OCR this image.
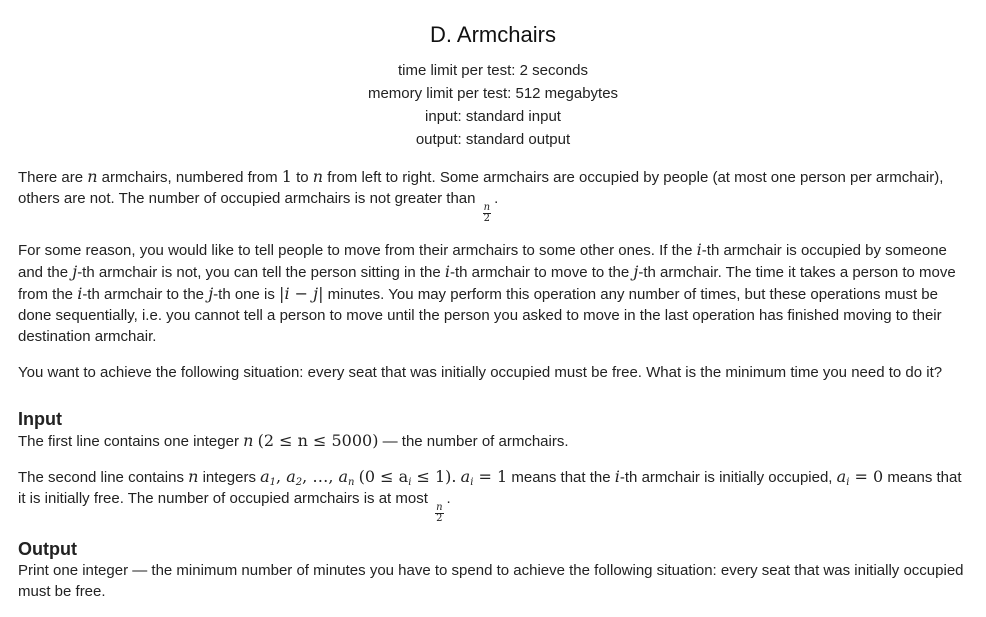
D. Armchairs
time limit per test: 2 seconds
memory limit per test: 512 megabytes
input: standard input
output: standard output

There are n armchairs, numbered from 1 to n from left to right. Some armchairs are occupied by people (at most one person per armchair), others are not. The number of occupied armchairs is not greater than
$\frac{n}{2}$
.

For some reason, you would like to tell people to move from their armchairs to some other ones. If the i-th armchair is occupied by someone and the j-th armchair is not, you can tell the person sitting in the i-th armchair to move to the j-th armchair. The time it takes a person to move from the i-th armchair to the j-th one is |i − j| minutes. You may perform this operation any number of times, but these operations must be done sequentially, i.e. you cannot tell a person to move until the person you asked to move in the last operation has finished moving to their destination armchair.

You want to achieve the following situation: every seat that was initially occupied must be free. What is the minimum time you need to do it?

Input

The first line contains one integer n (2 ≤ n ≤ 5000) — the number of armchairs.

The second line contains n integers $a_1$, $a_2$, …, $a_n$ $(0 \le a_i \le 1)$. $a_i = 1$ means that the i-th armchair is initially occupied, $a_i = 0$ means that it is initially free. The number of occupied armchairs is at most
$\frac{n}{2}$
.

Output

Print one integer — the minimum number of minutes you have to spend to achieve the following situation: every seat that was initially occupied must be free.
